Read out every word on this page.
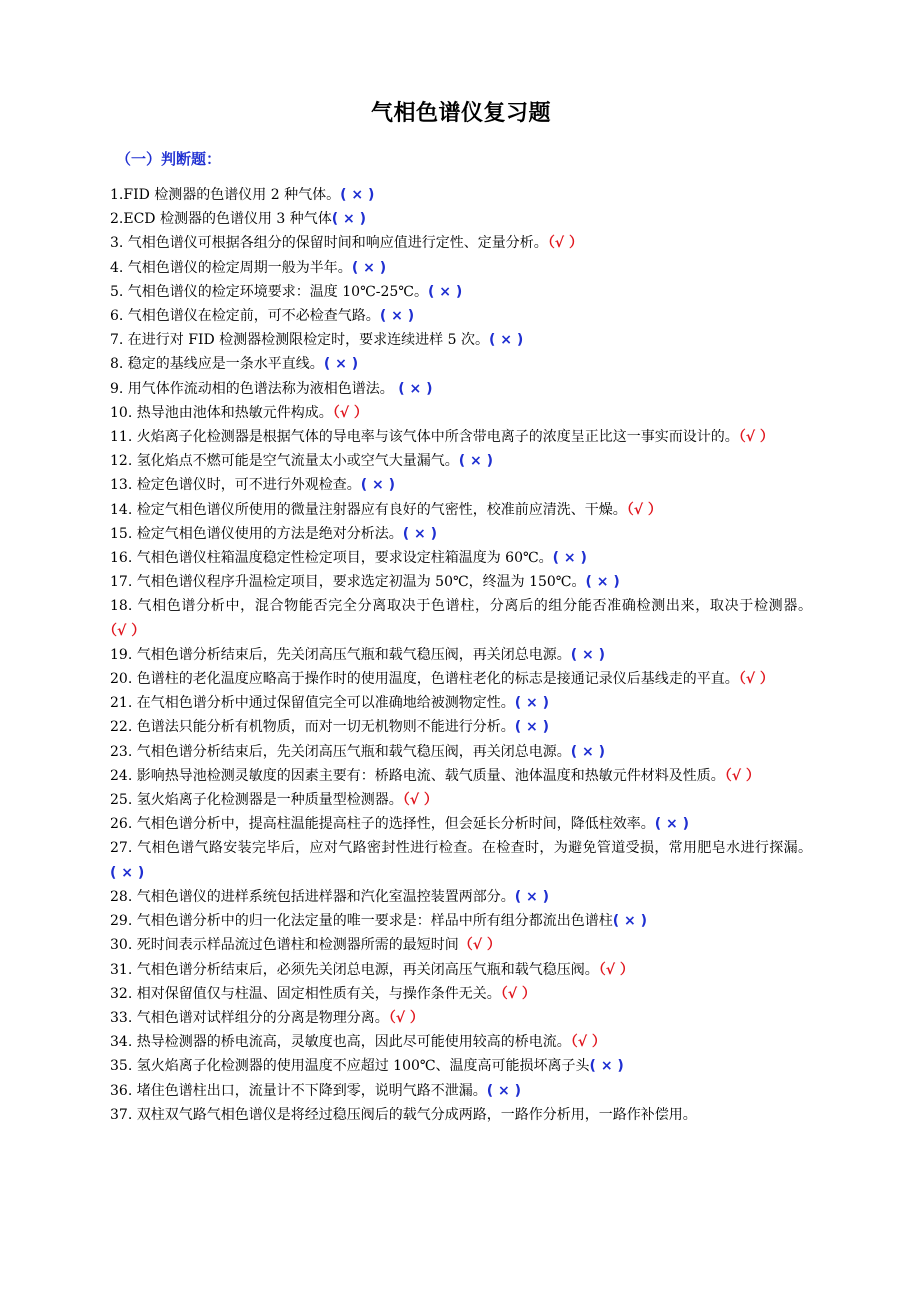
气相色谱仪复习题
（一）判断题：
1.FID 检测器的色谱仪用 2 种气体。( × )
2.ECD 检测器的色谱仪用 3 种气体( × )
3. 气相色谱仪可根据各组分的保留时间和响应值进行定性、定量分析。（√ ）
4. 气相色谱仪的检定周期一般为半年。( × )
5. 气相色谱仪的检定环境要求：温度 10℃-25℃。( × )
6. 气相色谱仪在检定前，可不必检查气路。( × )
7. 在进行对 FID 检测器检测限检定时，要求连续进样 5 次。( × )
8. 稳定的基线应是一条水平直线。( × )
9. 用气体作流动相的色谱法称为液相色谱法。 ( × )
10. 热导池由池体和热敏元件构成。（√ ）
11. 火焰离子化检测器是根据气体的导电率与该气体中所含带电离子的浓度呈正比这一事实而设计的。（√ ）
12. 氢化焰点不燃可能是空气流量太小或空气大量漏气。( × )
13. 检定色谱仪时，可不进行外观检查。( × )
14. 检定气相色谱仪所使用的微量注射器应有良好的气密性，校准前应清洗、干燥。（√ ）
15. 检定气相色谱仪使用的方法是绝对分析法。( × )
16. 气相色谱仪柱箱温度稳定性检定项目，要求设定柱箱温度为 60℃。( × )
17. 气相色谱仪程序升温检定项目，要求选定初温为 50℃，终温为 150℃。( × )
18. 气相色谱分析中，混合物能否完全分离取决于色谱柱，分离后的组分能否准确检测出来，取决于检测器。（√ ）
19. 气相色谱分析结束后，先关闭高压气瓶和载气稳压阀，再关闭总电源。( × )
20. 色谱柱的老化温度应略高于操作时的使用温度，色谱柱老化的标志是接通记录仪后基线走的平直。（√ ）
21. 在气相色谱分析中通过保留值完全可以准确地给被测物定性。( × )
22. 色谱法只能分析有机物质，而对一切无机物则不能进行分析。( × )
23. 气相色谱分析结束后，先关闭高压气瓶和载气稳压阀，再关闭总电源。( × )
24. 影响热导池检测灵敏度的因素主要有：桥路电流、载气质量、池体温度和热敏元件材料及性质。（√ ）
25. 氢火焰离子化检测器是一种质量型检测器。（√ ）
26. 气相色谱分析中，提高柱温能提高柱子的选择性，但会延长分析时间，降低柱效率。( × )
27. 气相色谱气路安装完毕后，应对气路密封性进行检查。在检查时，为避免管道受损，常用肥皂水进行探漏。( × )
28. 气相色谱仪的进样系统包括进样器和汽化室温控装置两部分。( × )
29. 气相色谱分析中的归一化法定量的唯一要求是：样品中所有组分都流出色谱柱( × )
30. 死时间表示样品流过色谱柱和检测器所需的最短时间（√ ）
31. 气相色谱分析结束后，必须先关闭总电源，再关闭高压气瓶和载气稳压阀。（√ ）
32. 相对保留值仅与柱温、固定相性质有关，与操作条件无关。（√ ）
33. 气相色谱对试样组分的分离是物理分离。（√ ）
34. 热导检测器的桥电流高，灵敏度也高，因此尽可能使用较高的桥电流。（√ ）
35. 氢火焰离子化检测器的使用温度不应超过 100℃、温度高可能损坏离子头( × )
36. 堵住色谱柱出口，流量计不下降到零，说明气路不泄漏。( × )
37. 双柱双气路气相色谱仪是将经过稳压阀后的载气分成两路，一路作分析用，一路作补偿用。
